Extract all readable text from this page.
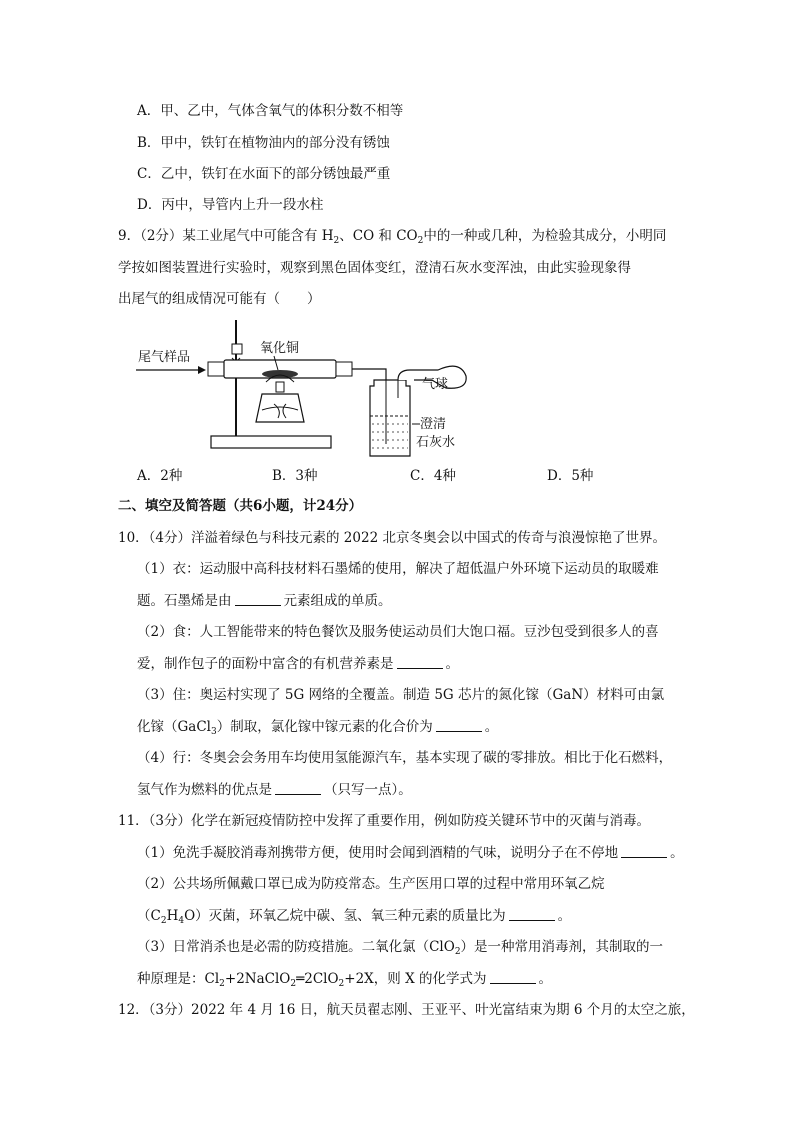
A．甲、乙中，气体含氧气的体积分数不相等
B．甲中，铁钉在植物油内的部分没有锈蚀
C．乙中，铁钉在水面下的部分锈蚀最严重
D．丙中，导管内上升一段水柱
9．（2分）某工业尾气中可能含有 $H_2$、CO 和 $CO_2$中的一种或几种，为检验其成分，小明同
学按如图装置进行实验时，观察到黑色固体变红，澄清石灰水变浑浊，由此实验现象得
出尾气的组成情况可能有（　　）
尾气样品
氧化铜
气球
澄清
石灰水
A．2种	B．3种	C．4种	D．5种
二、填空及简答题（共6小题，计24分）
10．（4分）洋溢着绿色与科技元素的 2022 北京冬奥会以中国式的传奇与浪漫惊艳了世界。
（1）衣：运动服中高科技材料石墨烯的使用，解决了超低温户外环境下运动员的取暖难
题。石墨烯是由	元素组成的单质。
（2）食：人工智能带来的特色餐饮及服务使运动员们大饱口福。豆沙包受到很多人的喜
爱，制作包子的面粉中富含的有机营养素是	。
（3）住：奥运村实现了 5G 网络的全覆盖。制造 5G 芯片的氮化镓（GaN）材料可由氯
化镓（GaCl$_3$）制取，氯化镓中镓元素的化合价为	。
（4）行：冬奥会会务用车均使用氢能源汽车，基本实现了碳的零排放。相比于化石燃料，
氢气作为燃料的优点是	（只写一点）。
11．（3分）化学在新冠疫情防控中发挥了重要作用，例如防疫关键环节中的灭菌与消毒。
（1）免洗手凝胶消毒剂携带方便，使用时会闻到酒精的气味，说明分子在不停地	。
（2）公共场所佩戴口罩已成为防疫常态。生产医用口罩的过程中常用环氧乙烷
$(C_2H_4O)$灭菌，环氧乙烷中碳、氢、氧三种元素的质量比为	。
（3）日常消杀也是必需的防疫措施。二氧化氯（ClO$_2$）是一种常用消毒剂，其制取的一
种原理是：$Cl_2+2NaClO_2═2ClO_2+2X$，则 X 的化学式为	。
12．（3分）2022 年 4 月 16 日，航天员翟志刚、王亚平、叶光富结束为期 6 个月的太空之旅，
